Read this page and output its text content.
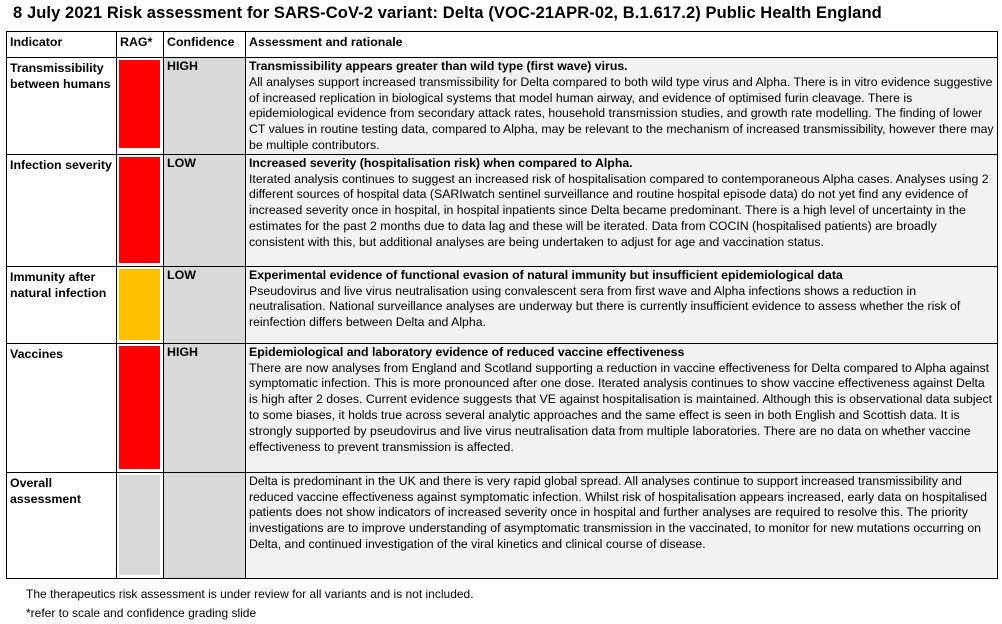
8 July 2021 Risk assessment for SARS-CoV-2 variant: Delta (VOC-21APR-02, B.1.617.2) Public Health England
Indicator	RAG*	Confidence	Assessment and rationale
Transmissibility between humans		HIGH	Transmissibility appears greater than wild type (first wave) virus.
All analyses support increased transmissibility for Delta compared to both wild type virus and Alpha. There is in vitro evidence suggestive of increased replication in biological systems that model human airway, and evidence of optimised furin cleavage. There is epidemiological evidence from secondary attack rates, household transmission studies, and growth rate modelling. The finding of lower CT values in routine testing data, compared to Alpha, may be relevant to the mechanism of increased transmissibility, however there may be multiple contributors.

Infection severity		LOW	Increased severity (hospitalisation risk) when compared to Alpha.
Iterated analysis continues to suggest an increased risk of hospitalisation compared to contemporaneous Alpha cases. Analyses using 2 different sources of hospital data (SARIwatch sentinel surveillance and routine hospital episode data) do not yet find any evidence of increased severity once in hospital, in hospital inpatients since Delta became predominant. There is a high level of uncertainty in the estimates for the past 2 months due to data lag and these will be iterated. Data from COCIN (hospitalised patients) are broadly consistent with this, but additional analyses are being undertaken to adjust for age and vaccination status.

Immunity after natural infection		LOW	Experimental evidence of functional evasion of natural immunity but insufficient epidemiological data
Pseudovirus and live virus neutralisation using convalescent sera from first wave and Alpha infections shows a reduction in neutralisation. National surveillance analyses are underway but there is currently insufficient evidence to assess whether the risk of reinfection differs between Delta and Alpha.

Vaccines		HIGH	Epidemiological and laboratory evidence of reduced vaccine effectiveness
There are now analyses from England and Scotland supporting a reduction in vaccine effectiveness for Delta compared to Alpha against symptomatic infection. This is more pronounced after one dose. Iterated analysis continues to show vaccine effectiveness against Delta is high after 2 doses. Current evidence suggests that VE against hospitalisation is maintained. Although this is observational data subject to some biases, it holds true across several analytic approaches and the same effect is seen in both English and Scottish data. It is strongly supported by pseudovirus and live virus neutralisation data from multiple laboratories. There are no data on whether vaccine effectiveness to prevent transmission is affected.

Overall assessment			Delta is predominant in the UK and there is very rapid global spread. All analyses continue to support increased transmissibility and reduced vaccine effectiveness against symptomatic infection. Whilst risk of hospitalisation appears increased, early data on hospitalised patients does not show indicators of increased severity once in hospital and further analyses are required to resolve this. The priority investigations are to improve understanding of asymptomatic transmission in the vaccinated, to monitor for new mutations occurring on Delta, and continued investigation of the viral kinetics and clinical course of disease.
The therapeutics risk assessment is under review for all variants and is not included.
*refer to scale and confidence grading slide
